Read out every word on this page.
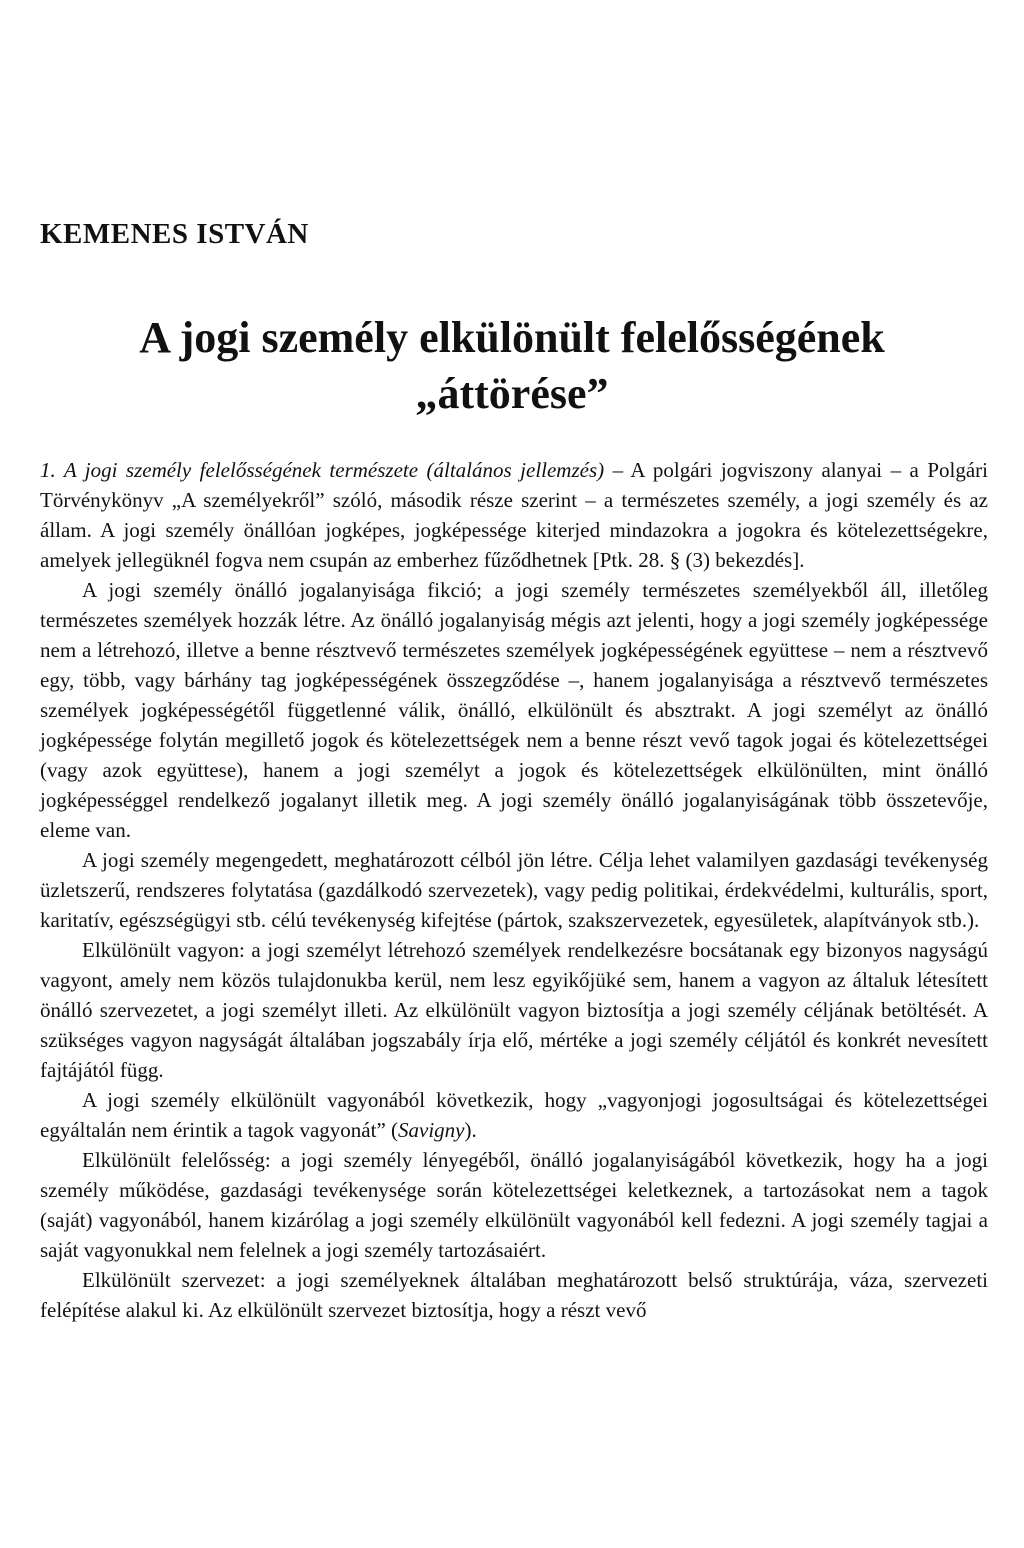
KEMENES ISTVÁN
A jogi személy elkülönült felelősségének
„áttörése”

1. A jogi személy felelősségének természete (általános jellemzés) – A polgári jogviszony alanyai – a Polgári Törvénykönyv „A személyekről” szóló, második része szerint – a természetes személy, a jogi személy és az állam. A jogi személy önállóan jogképes, jogképessége kiterjed mindazokra a jogokra és kötelezettségekre, amelyek jellegüknél fogva nem csupán az emberhez fűződhetnek [Ptk. 28. § (3) bekezdés].

A jogi személy önálló jogalanyisága fikció; a jogi személy természetes személyekből áll, illetőleg természetes személyek hozzák létre. Az önálló jogalanyiság mégis azt jelenti, hogy a jogi személy jogképessége nem a létrehozó, illetve a benne résztvevő természetes személyek jogképességének együttese – nem a résztvevő egy, több, vagy bárhány tag jogképességének összegződése –, hanem jogalanyisága a résztvevő természetes személyek jogképességétől függetlenné válik, önálló, elkülönült és absztrakt. A jogi személyt az önálló jogképessége folytán megillető jogok és kötelezettségek nem a benne részt vevő tagok jogai és kötelezettségei (vagy azok együttese), hanem a jogi személyt a jogok és kötelezettségek elkülönülten, mint önálló jogképességgel rendelkező jogalanyt illetik meg. A jogi személy önálló jogalanyiságának több összetevője, eleme van.

A jogi személy megengedett, meghatározott célból jön létre. Célja lehet valamilyen gazdasági tevékenység üzletszerű, rendszeres folytatása (gazdálkodó szervezetek), vagy pedig politikai, érdekvédelmi, kulturális, sport, karitatív, egészségügyi stb. célú tevékenység kifejtése (pártok, szakszervezetek, egyesületek, alapítványok stb.).

Elkülönült vagyon: a jogi személyt létrehozó személyek rendelkezésre bocsátanak egy bizonyos nagyságú vagyont, amely nem közös tulajdonukba kerül, nem lesz egyikőjüké sem, hanem a vagyon az általuk létesített önálló szervezetet, a jogi személyt illeti. Az elkülönült vagyon biztosítja a jogi személy céljának betöltését. A szükséges vagyon nagyságát általában jogszabály írja elő, mértéke a jogi személy céljától és konkrét nevesített fajtájától függ.

A jogi személy elkülönült vagyonából következik, hogy „vagyonjogi jogosultságai és kötelezettségei egyáltalán nem érintik a tagok vagyonát” (Savigny).

Elkülönült felelősség: a jogi személy lényegéből, önálló jogalanyiságából következik, hogy ha a jogi személy működése, gazdasági tevékenysége során kötelezettségei keletkeznek, a tartozásokat nem a tagok (saját) vagyonából, hanem kizárólag a jogi személy elkülönült vagyonából kell fedezni. A jogi személy tagjai a saját vagyonukkal nem felelnek a jogi személy tartozásaiért.

Elkülönült szervezet: a jogi személyeknek általában meghatározott belső struktúrája, váza, szervezeti felépítése alakul ki. Az elkülönült szervezet biztosítja, hogy a részt vevő
